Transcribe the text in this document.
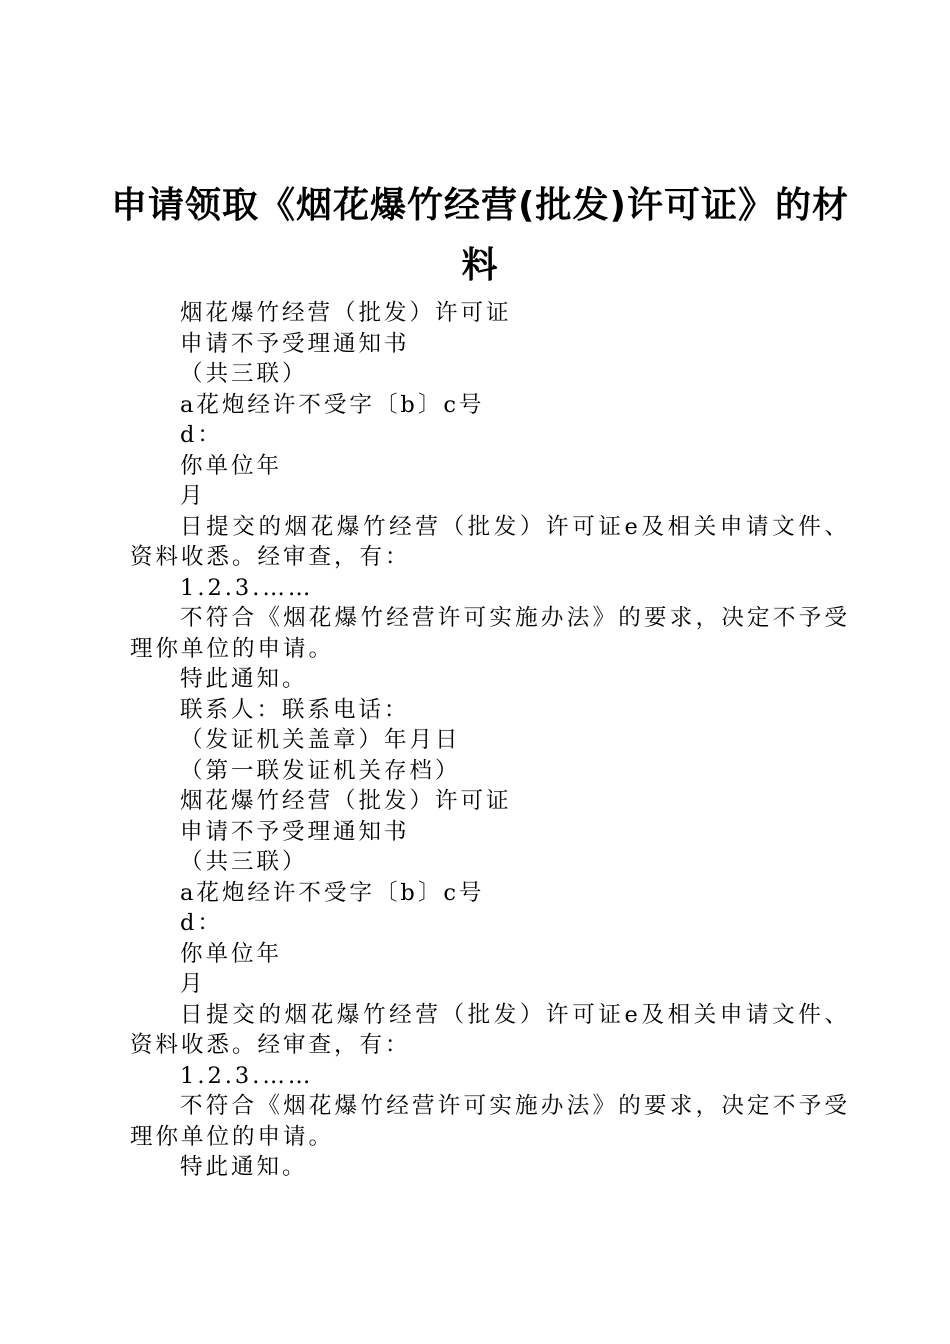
申请领取《烟花爆竹经营(批发)许可证》的材料
烟花爆竹经营（批发）许可证
申请不予受理通知书
（共三联）
a花炮经许不受字〔b〕c号
d：
你单位年
月
日提交的烟花爆竹经营（批发）许可证e及相关申请文件、资料收悉。经审查，有：
1.2.3.……
不符合《烟花爆竹经营许可实施办法》的要求，决定不予受理你单位的申请。
特此通知。
联系人：联系电话：
（发证机关盖章）年月日
（第一联发证机关存档）
烟花爆竹经营（批发）许可证
申请不予受理通知书
（共三联）
a花炮经许不受字〔b〕c号
d：
你单位年
月
日提交的烟花爆竹经营（批发）许可证e及相关申请文件、资料收悉。经审查，有：
1.2.3.……
不符合《烟花爆竹经营许可实施办法》的要求，决定不予受理你单位的申请。
特此通知。
